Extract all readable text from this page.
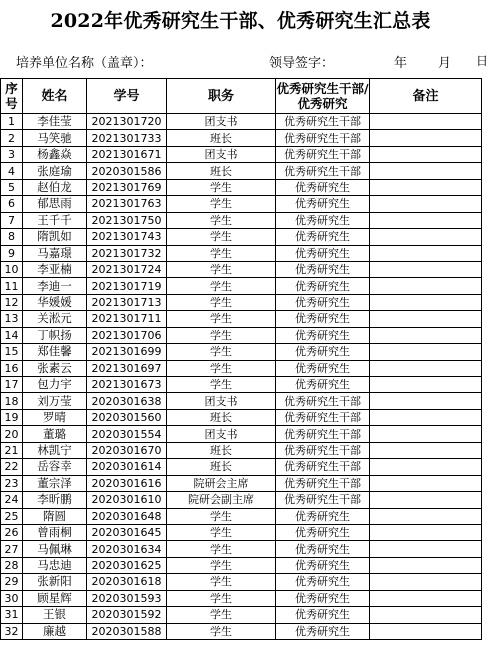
2022年优秀研究生干部、优秀研究生汇总表
培养单位名称（盖章）：	领导签字：	年 月 日
序号	姓名	学号	职务	优秀研究生干部/优秀研究	备注
1	李佳莹	2021301720	团支书	优秀研究生干部	
2	马笑驰	2021301733	班长	优秀研究生干部	
3	杨鑫焱	2021301671	团支书	优秀研究生干部	
4	张庭瑜	2020301586	班长	优秀研究生干部	
5	赵伯龙	2021301769	学生	优秀研究生	
6	郁思雨	2021301763	学生	优秀研究生	
7	王千千	2021301750	学生	优秀研究生	
8	隋凯如	2021301743	学生	优秀研究生	
9	马嘉璟	2021301732	学生	优秀研究生	
10	李亚楠	2021301724	学生	优秀研究生	
11	李迪一	2021301719	学生	优秀研究生	
12	华媛媛	2021301713	学生	优秀研究生	
13	关淞元	2021301711	学生	优秀研究生	
14	丁帜扬	2021301706	学生	优秀研究生	
15	郑佳馨	2021301699	学生	优秀研究生	
16	张素云	2021301697	学生	优秀研究生	
17	包力宇	2021301673	学生	优秀研究生	
18	刘万莹	2020301638	团支书	优秀研究生干部	
19	罗晴	2020301560	班长	优秀研究生干部	
20	董璐	2020301554	团支书	优秀研究生干部	
21	林凯宁	2020301670	班长	优秀研究生干部	
22	岳容幸	2020301614	班长	优秀研究生干部	
23	董宗泽	2020301616	院研会主席	优秀研究生干部	
24	李昕鹏	2020301610	院研会副主席	优秀研究生干部	
25	隋圆	2020301648	学生	优秀研究生	
26	曾雨桐	2020301645	学生	优秀研究生	
27	马佩琳	2020301634	学生	优秀研究生	
28	马忠迪	2020301625	学生	优秀研究生	
29	张新阳	2020301618	学生	优秀研究生	
30	顾星辉	2020301593	学生	优秀研究生	
31	王银	2020301592	学生	优秀研究生	
32	廉越	2020301588	学生	优秀研究生	
